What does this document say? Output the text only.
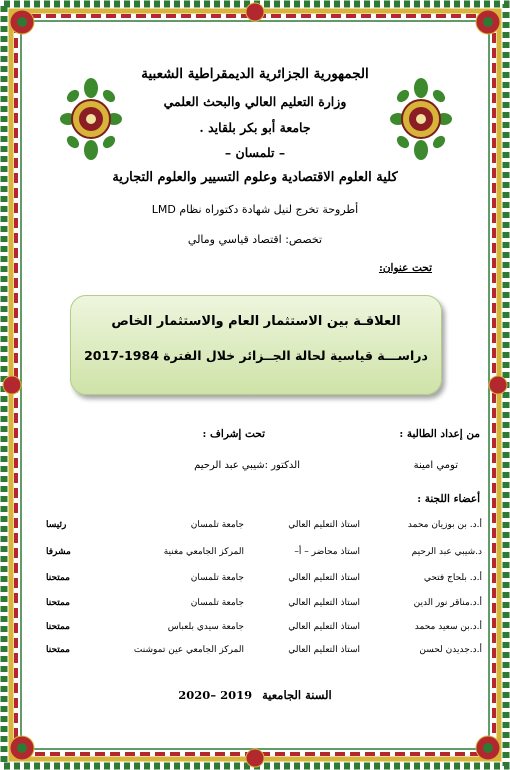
الجمهورية الجزائرية الديمقراطية الشعبية
وزارة التعليم العالي والبحث العلمي
جامعة أبو بكر بلقايد .
– تلمسان –
كلية العلوم الاقتصادية وعلوم التسيير والعلوم التجارية
أطروحة تخرج لنيل شهادة دكتوراه نظام LMD
تخصص: اقتصاد قياسي ومالي
تحت عنوان:
العلاقـة بين الاستثمار العام والاستثمار الخاص
دراســـة قياسية لحالة الجــزائر خلال الفترة 1984-2017
من إعداد الطالبة :
تحت إشراف :
تومي امينة
الدكتور :شيبي عبد الرحيم
أعضاء اللجنة :
أ.د. بن بوزيان محمد
استاذ التعليم العالي
جامعة تلمسان
رئيسا
د.شيبي عبد الرحيم
استاذ محاضر – أ–
المركز الجامعي مغنية
مشرفا
أ.د. بلحاج فتحي
استاذ التعليم العالي
جامعة تلمسان
ممتحنا
أ.د.مناقر نور الدين
استاذ التعليم العالي
جامعة تلمسان
ممتحنا
أ.د.بن سعيد محمد
استاذ التعليم العالي
جامعة سيدي بلعباس
ممتحنا
أ.د.جديدن لحسن
استاذ التعليم العالي
المركز الجامعي عين تموشنت
ممتحنا
السنة الجامعية 2019 –2020
